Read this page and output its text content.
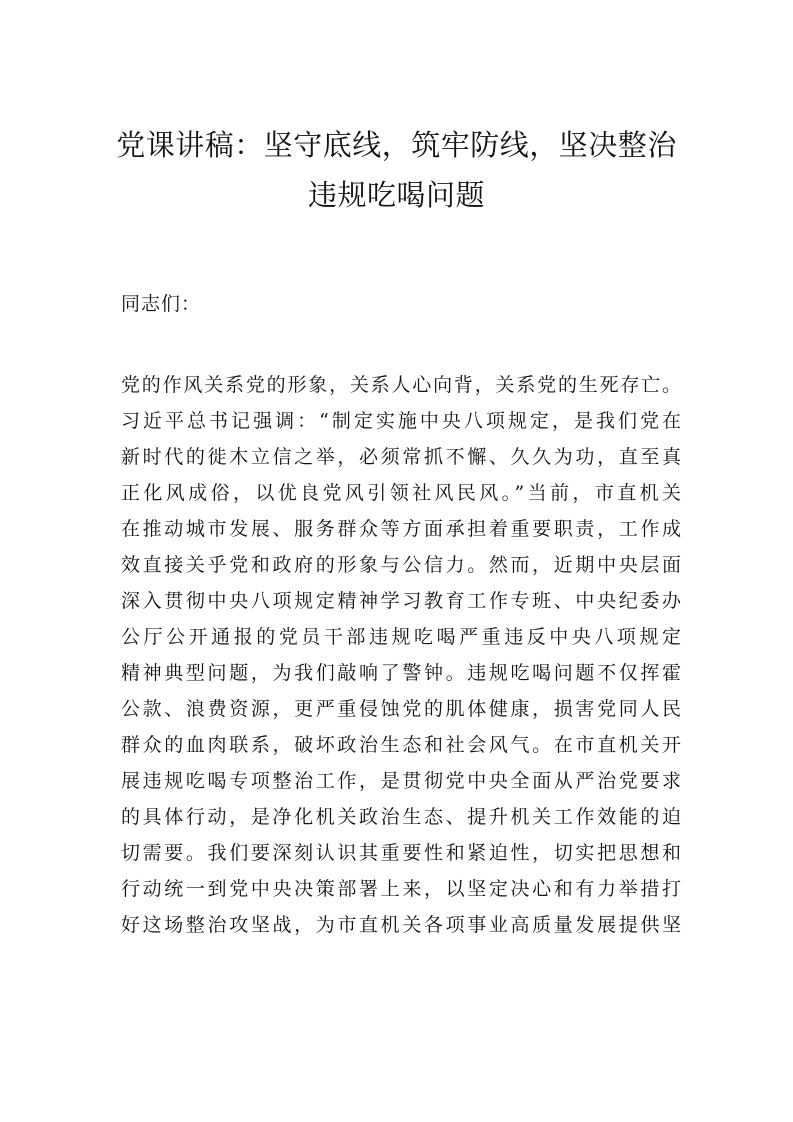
党课讲稿：坚守底线，筑牢防线，坚决整治
违规吃喝问题
同志们：
党的作风关系党的形象，关系人心向背，关系党的生死存亡。
习近平总书记强调：“制定实施中央八项规定，是我们党在
新时代的徙木立信之举，必须常抓不懈、久久为功，直至真
正化风成俗，以优良党风引领社风民风。”当前，市直机关
在推动城市发展、服务群众等方面承担着重要职责，工作成
效直接关乎党和政府的形象与公信力。然而，近期中央层面
深入贯彻中央八项规定精神学习教育工作专班、中央纪委办
公厅公开通报的党员干部违规吃喝严重违反中央八项规定
精神典型问题，为我们敲响了警钟。违规吃喝问题不仅挥霍
公款、浪费资源，更严重侵蚀党的肌体健康，损害党同人民
群众的血肉联系，破坏政治生态和社会风气。在市直机关开
展违规吃喝专项整治工作，是贯彻党中央全面从严治党要求
的具体行动，是净化机关政治生态、提升机关工作效能的迫
切需要。我们要深刻认识其重要性和紧迫性，切实把思想和
行动统一到党中央决策部署上来，以坚定决心和有力举措打
好这场整治攻坚战，为市直机关各项事业高质量发展提供坚
